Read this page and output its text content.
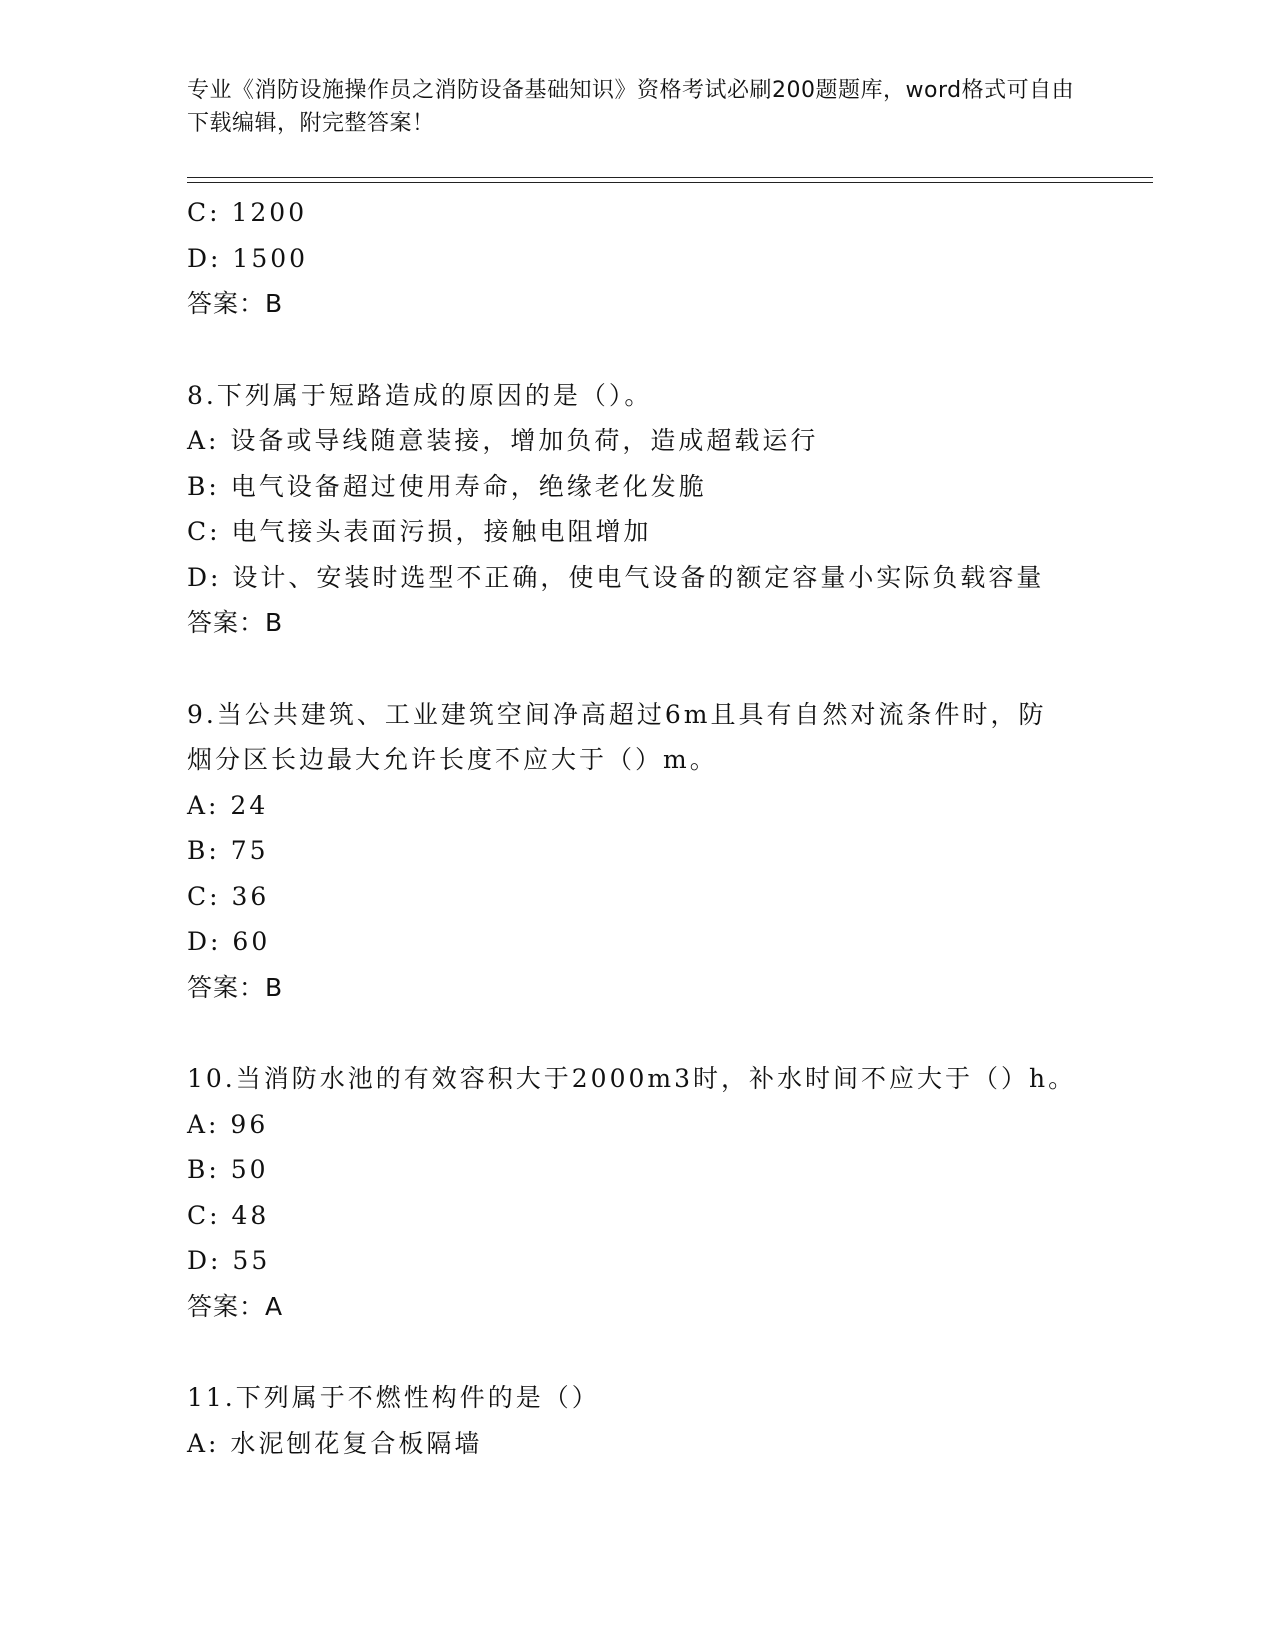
专业《消防设施操作员之消防设备基础知识》资格考试必刷200题题库，word格式可自由下载编辑，附完整答案！
C: 1200
D: 1500
答案：B
8.下列属于短路造成的原因的是（）。
A: 设备或导线随意装接，增加负荷，造成超载运行
B: 电气设备超过使用寿命，绝缘老化发脆
C: 电气接头表面污损，接触电阻增加
D: 设计、安装时选型不正确，使电气设备的额定容量小实际负载容量
答案：B
9.当公共建筑、工业建筑空间净高超过6m且具有自然对流条件时，防
烟分区长边最大允许长度不应大于（）m。
A: 24
B: 75
C: 36
D: 60
答案：B
10.当消防水池的有效容积大于2000m3时，补水时间不应大于（）h。
A: 96
B: 50
C: 48
D: 55
答案：A
11.下列属于不燃性构件的是（）
A: 水泥刨花复合板隔墙
